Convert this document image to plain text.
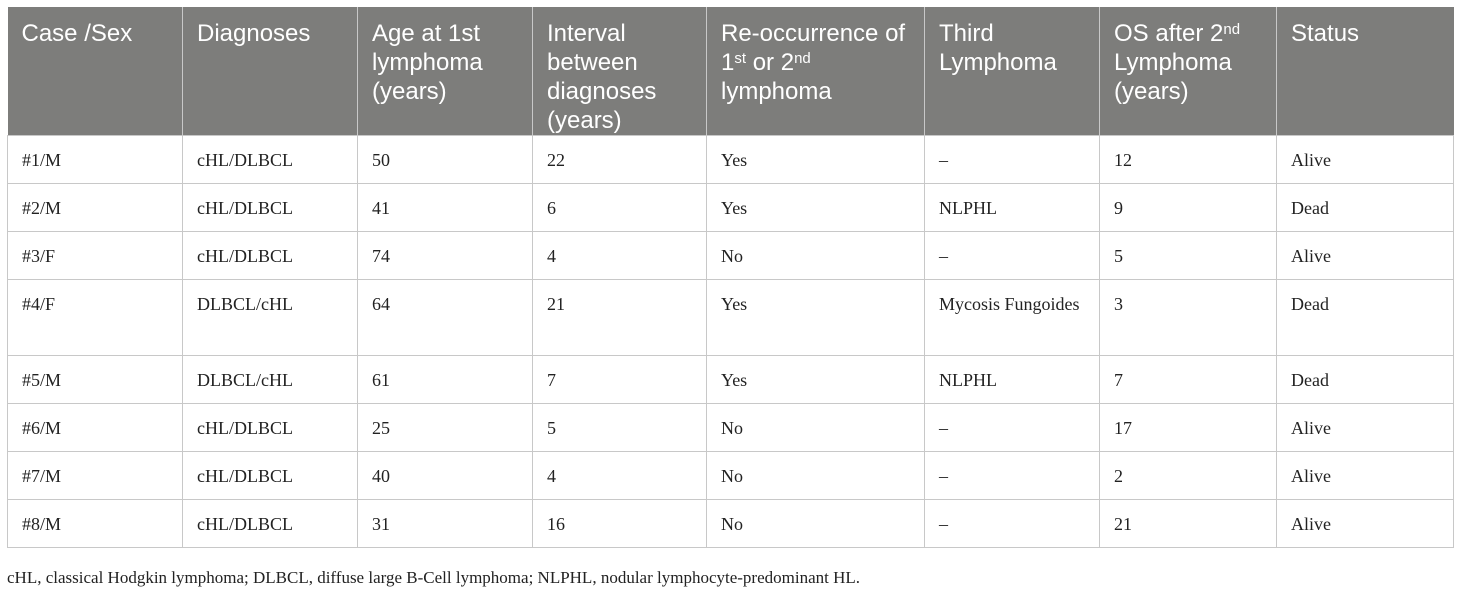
Case /Sex	Diagnoses	Age at 1st lymphoma (years)	Interval between diagnoses (years)	Re-occurrence of 1st or 2nd lymphoma	Third Lymphoma	OS after 2nd Lymphoma (years)	Status
#1/M	cHL/DLBCL	50	22	Yes	–	12	Alive
#2/M	cHL/DLBCL	41	6	Yes	NLPHL	9	Dead
#3/F	cHL/DLBCL	74	4	No	–	5	Alive
#4/F	DLBCL/cHL	64	21	Yes	Mycosis Fungoides	3	Dead
#5/M	DLBCL/cHL	61	7	Yes	NLPHL	7	Dead
#6/M	cHL/DLBCL	25	5	No	–	17	Alive
#7/M	cHL/DLBCL	40	4	No	–	2	Alive
#8/M	cHL/DLBCL	31	16	No	–	21	Alive

cHL, classical Hodgkin lymphoma; DLBCL, diffuse large B-Cell lymphoma; NLPHL, nodular lymphocyte-predominant HL.
